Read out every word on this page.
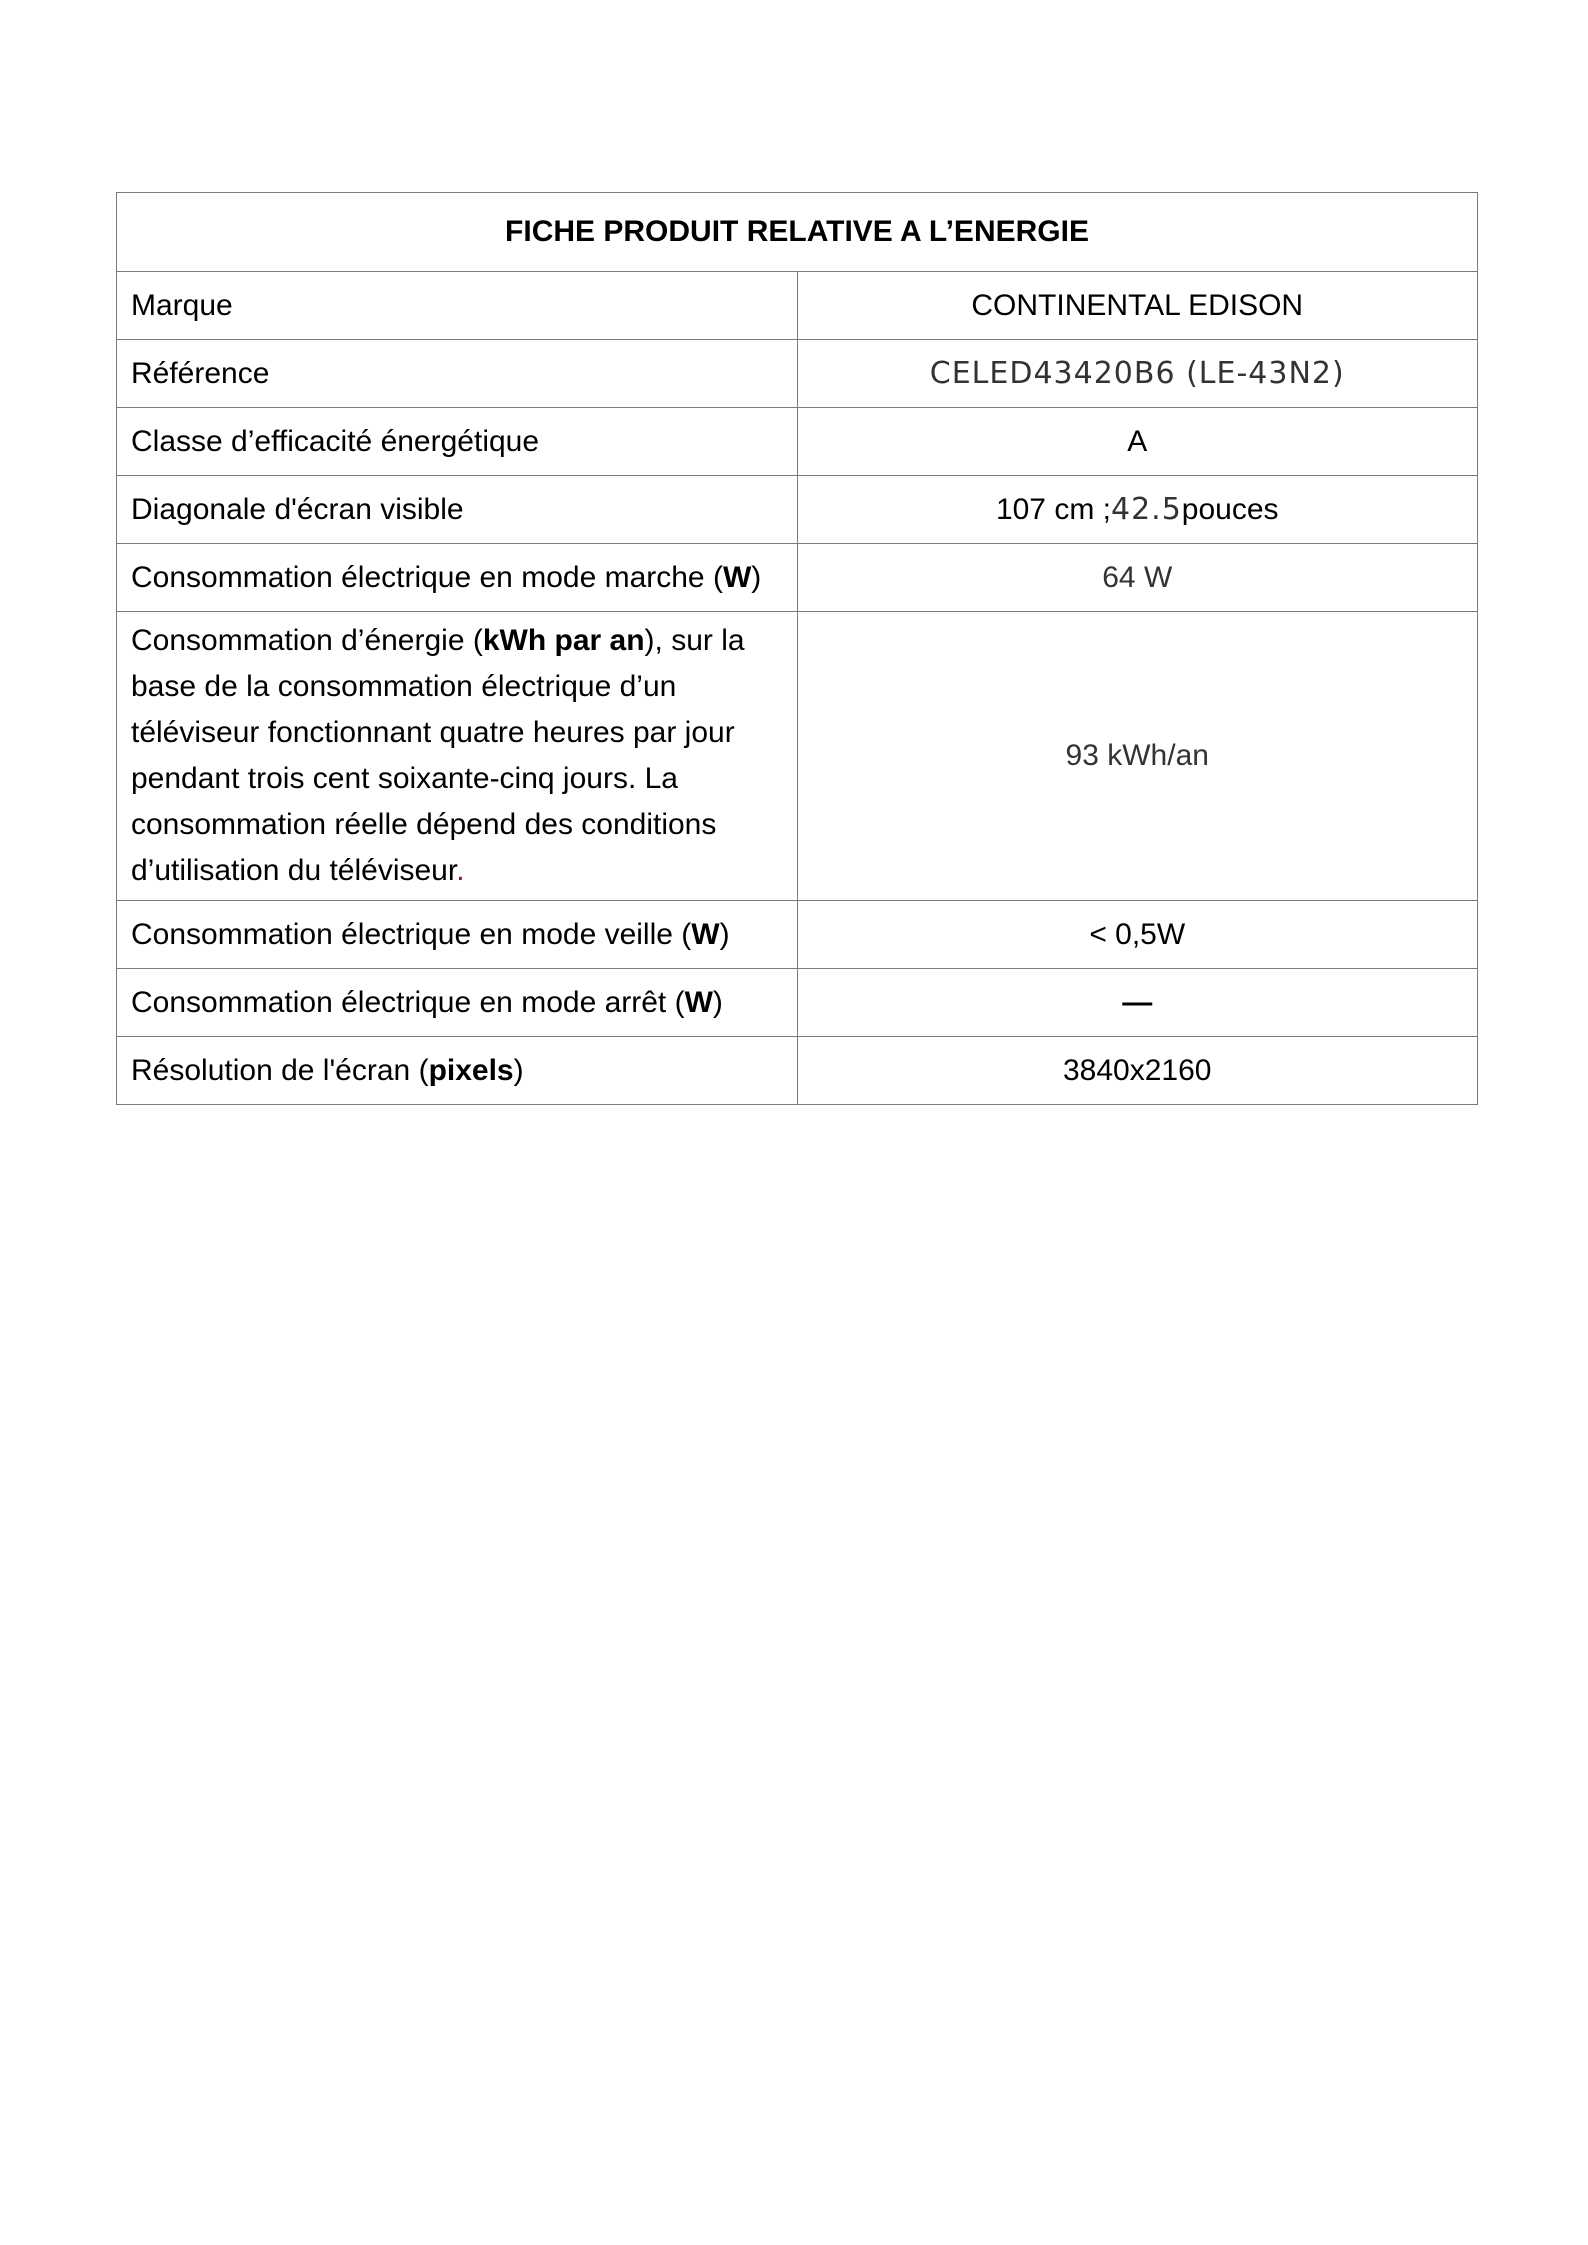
FICHE PRODUIT RELATIVE A L’ENERGIE	
Marque	CONTINENTAL EDISON
Référence	CELED43420B6 (LE-43N2)
Classe d’efficacité énergétique	A
Diagonale d'écran visible	107 cm ;42.5pouces
Consommation électrique en mode marche (W)	64 W
Consommation d’énergie (kWh par an), sur la base de la consommation électrique d’un téléviseur fonctionnant quatre heures par jour pendant trois cent soixante-cinq jours. La consommation réelle dépend des conditions d’utilisation du téléviseur.	93 kWh/an
Consommation électrique en mode veille (W)	< 0,5W
Consommation électrique en mode arrêt (W)	—
Résolution de l'écran (pixels)	3840x2160
